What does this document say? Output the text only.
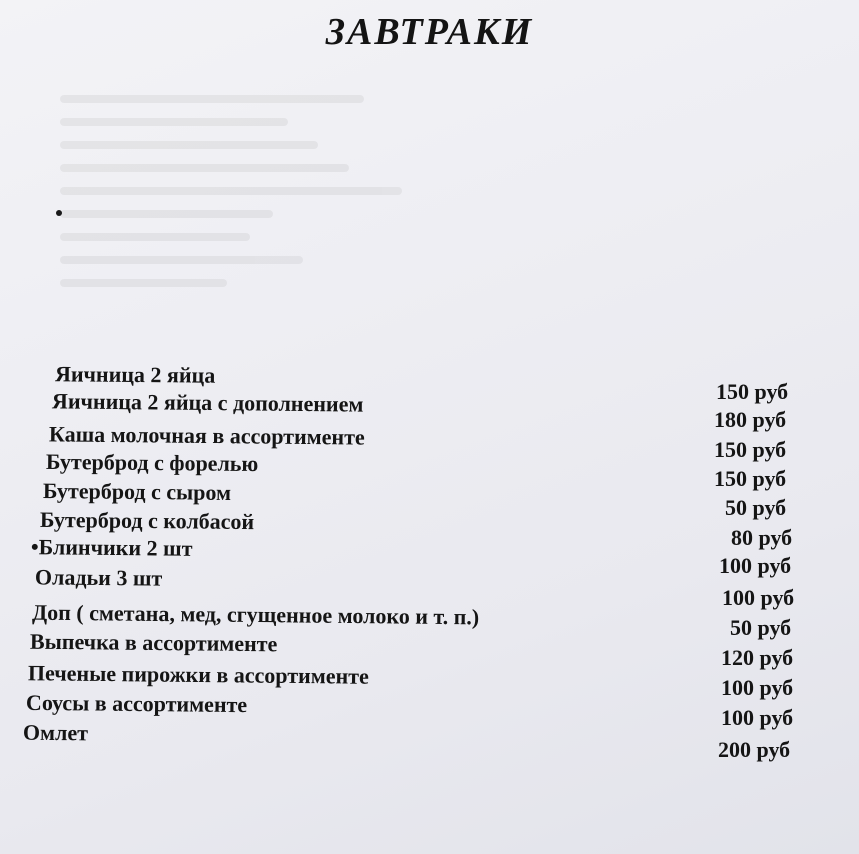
ЗАВТРАКИ
Яичница 2 яйца
Яичница 2 яйца с дополнением
Каша молочная в ассортименте
Бутерброд с форелью
Бутерброд с сыром
Бутерброд с колбасой
•Блинчики 2 шт
Оладьи 3 шт
Доп ( сметана, мед, сгущенное молоко и т. п.)
Выпечка в ассортименте
Печеные пирожки в ассортименте
Соусы в ассортименте
Омлет
150 руб
180 руб
150 руб
150 руб
50 руб
80 руб
100 руб
100 руб
50 руб
120 руб
100 руб
100 руб
200 руб
